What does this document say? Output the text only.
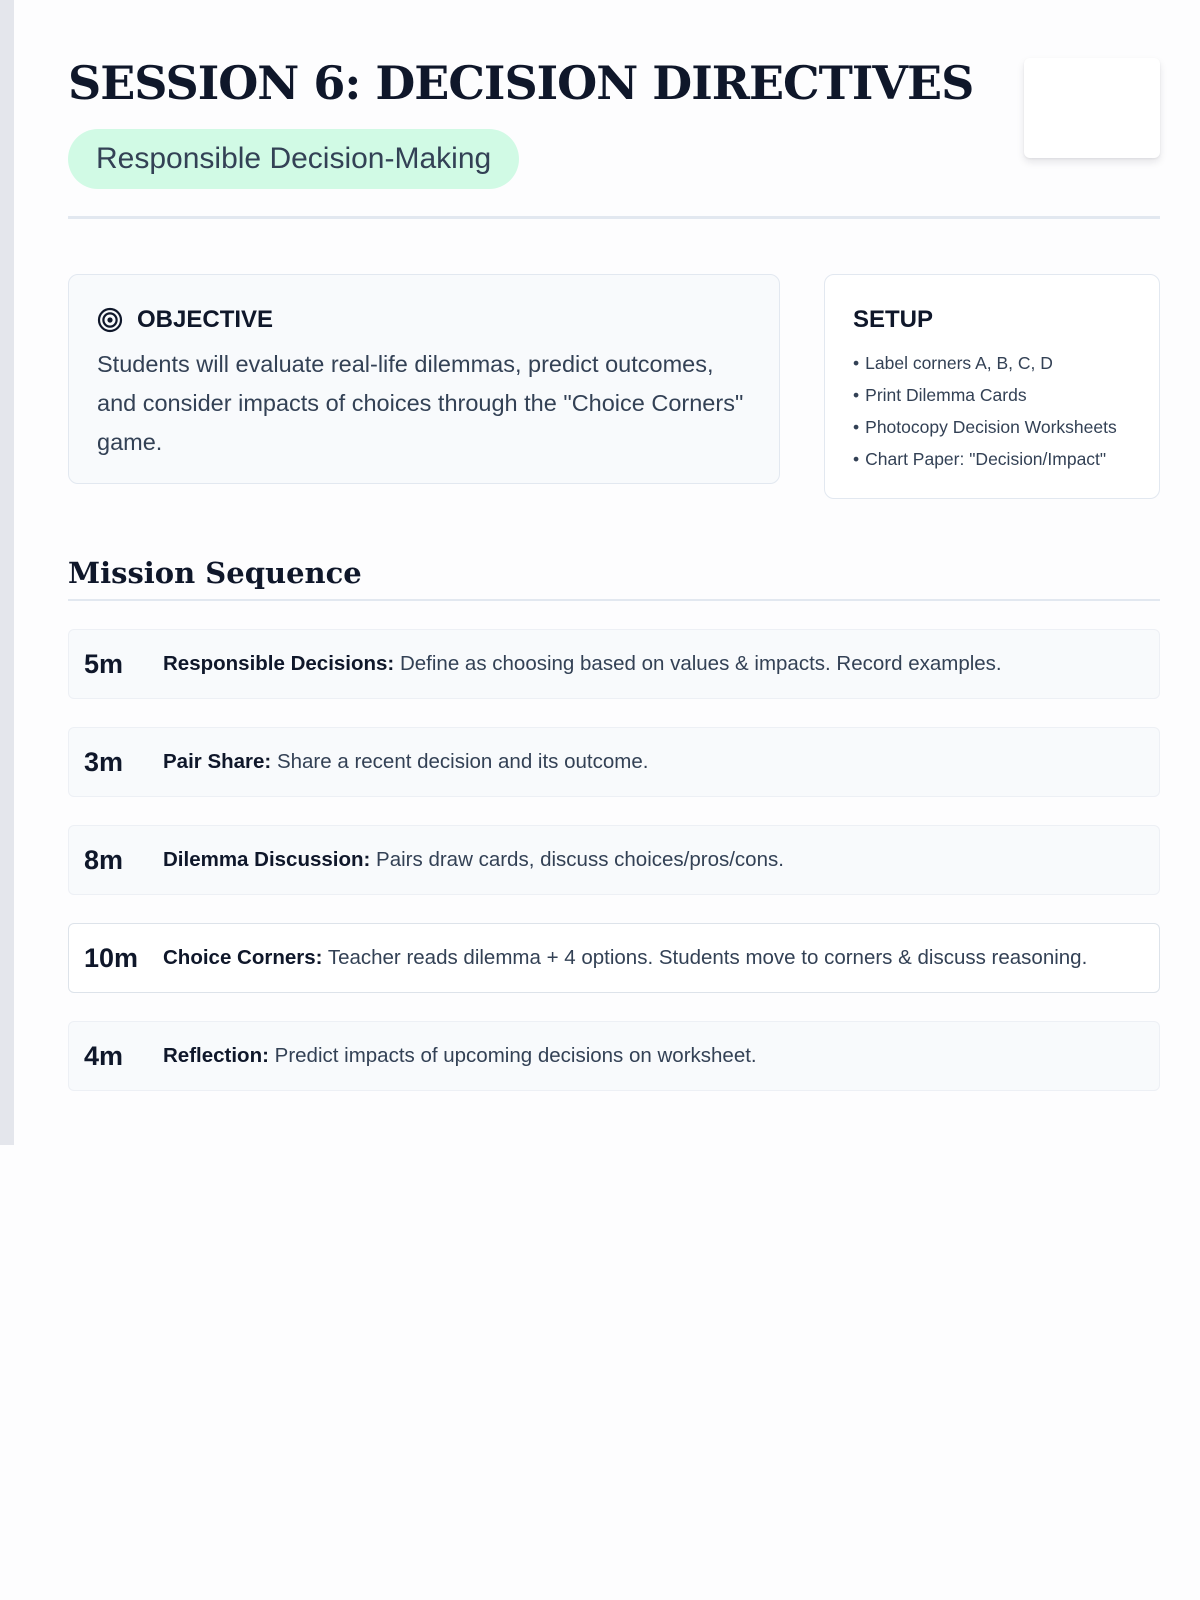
SESSION 6: DECISION DIRECTIVES
Responsible Decision-Making
OBJECTIVE
Students will evaluate real-life dilemmas, predict outcomes, and consider impacts of choices through the "Choice Corners" game.
SETUP
• Label corners A, B, C, D
• Print Dilemma Cards
• Photocopy Decision Worksheets
• Chart Paper: "Decision/Impact"
Mission Sequence
5m	Responsible Decisions: Define as choosing based on values & impacts. Record examples.
3m	Pair Share: Share a recent decision and its outcome.
8m	Dilemma Discussion: Pairs draw cards, discuss choices/pros/cons.
10m	Choice Corners: Teacher reads dilemma + 4 options. Students move to corners & discuss reasoning.
4m	Reflection: Predict impacts of upcoming decisions on worksheet.
